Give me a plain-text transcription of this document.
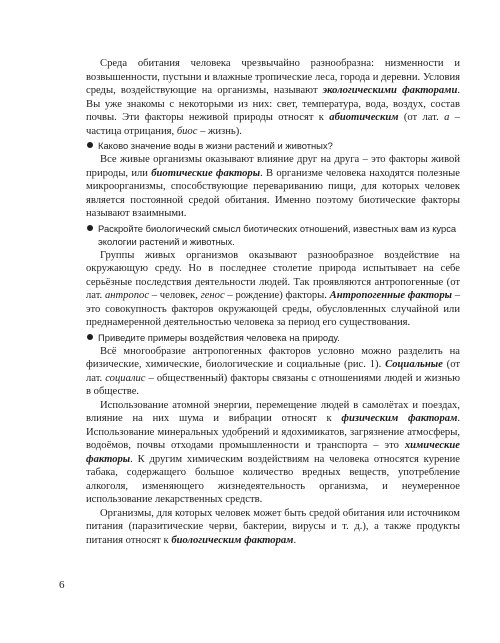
Среда обитания человека чрезвычайно разнообразна: низменности и возвышенности, пустыни и влажные тропические леса, города и деревни. Условия среды, воздействующие на организмы, называют экологическими факторами. Вы уже знакомы с некоторыми из них: свет, температура, вода, воздух, состав почвы. Эти факторы неживой природы относят к абиотическим (от лат. а – частица отрицания, биос – жизнь).

Каково значение воды в жизни растений и животных?

Все живые организмы оказывают влияние друг на друга – это факторы живой природы, или биотические факторы. В организме человека находятся полезные микроорганизмы, способствующие перевариванию пищи, для которых человек является постоянной средой обитания. Именно поэтому биотические факторы называют взаимными.

Раскройте биологический смысл биотических отношений, известных вам из курса экологии растений и животных.

Группы живых организмов оказывают разнообразное воздействие на окружающую среду. Но в последнее столетие природа испытывает на себе серьёзные последствия деятельности людей. Так проявляются антропогенные (от лат. антропос – человек, генос – рождение) факторы. Антропогенные факторы – это совокупность факторов окружающей среды, обусловленных случайной или преднамеренной деятельностью человека за период его существования.

Приведите примеры воздействия человека на природу.

Всё многообразие антропогенных факторов условно можно разделить на физические, химические, биологические и социальные (рис. 1). Социальные (от лат. социалис – общественный) факторы связаны с отношениями людей и жизнью в обществе.

Использование атомной энергии, перемещение людей в самолётах и поездах, влияние на них шума и вибрации относят к физическим факторам. Использование минеральных удобрений и ядохимикатов, загрязнение атмосферы, водоёмов, почвы отходами промышленности и транспорта – это химические факторы. К другим химическим воздействиям на человека относятся курение табака, содержащего большое количество вредных веществ, употребление алкоголя, изменяющего жизнедеятельность организма, и неумеренное использование лекарственных средств.

Организмы, для которых человек может быть средой обитания или источником питания (паразитические черви, бактерии, вирусы и т. д.), а также продукты питания относят к биологическим факторам.

6
